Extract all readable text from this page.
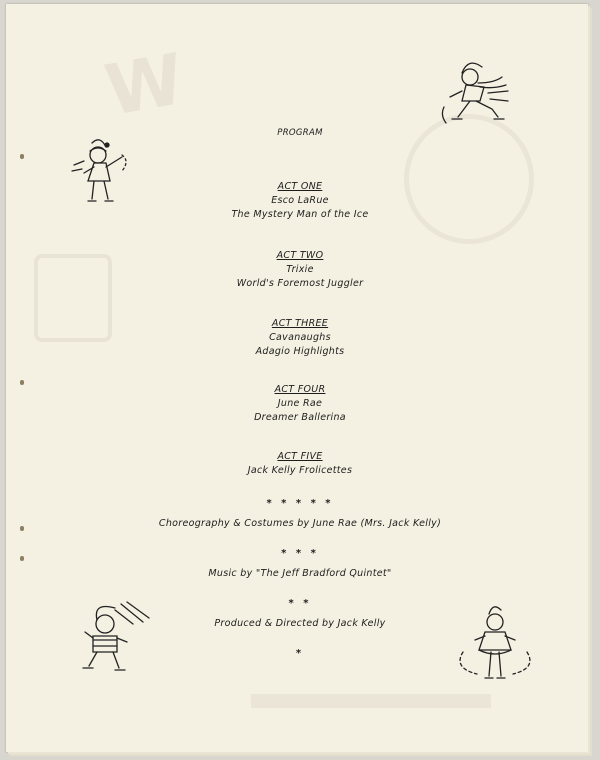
W
PROGRAM
ACT ONE
Esco LaRue
The Mystery Man of the Ice
ACT TWO
Trixie
World's Foremost Juggler
ACT THREE
Cavanaughs
Adagio Highlights
ACT FOUR
June Rae
Dreamer Ballerina
ACT FIVE
Jack Kelly Frolicettes
* * * * *
Choreography & Costumes by June Rae (Mrs. Jack Kelly)
* * *
Music by "The Jeff Bradford Quintet"
* *
Produced & Directed by Jack Kelly
*
